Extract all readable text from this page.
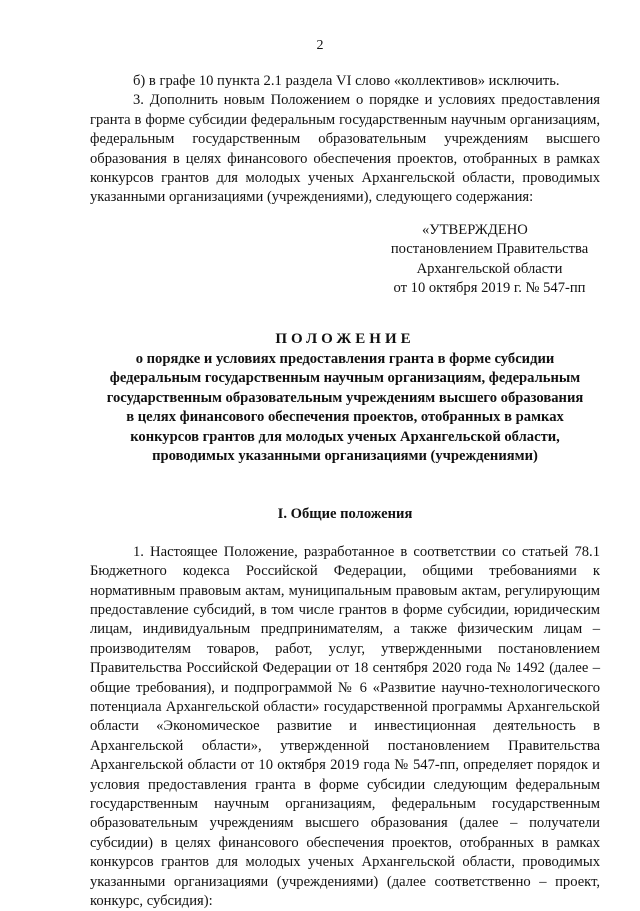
2

б) в графе 10 пункта 2.1 раздела VI слово «коллективов» исключить.

3. Дополнить новым Положением о порядке и условиях предоставления гранта в форме субсидии федеральным государственным научным организациям, федеральным государственным образовательным учреждениям высшего образования в целях финансового обеспечения проектов, отобранных в рамках конкурсов грантов для молодых ученых Архангельской области, проводимых указанными организациями (учреждениями), следующего содержания:

«УТВЕРЖДЕНО
постановлением Правительства
Архангельской области
от 10 октября 2019 г. № 547-пп
ПОЛОЖЕНИЕ
о порядке и условиях предоставления гранта в форме субсидии федеральным государственным научным организациям, федеральным государственным образовательным учреждениям высшего образования в целях финансового обеспечения проектов, отобранных в рамках конкурсов грантов для молодых ученых Архангельской области, проводимых указанными организациями (учреждениями)
I. Общие положения

1. Настоящее Положение, разработанное в соответствии со статьей 78.1 Бюджетного кодекса Российской Федерации, общими требованиями к нормативным правовым актам, муниципальным правовым актам, регулирующим предоставление субсидий, в том числе грантов в форме субсидии, юридическим лицам, индивидуальным предпринимателям, а также физическим лицам – производителям товаров, работ, услуг, утвержденными постановлением Правительства Российской Федерации от 18 сентября 2020 года № 1492 (далее – общие требования), и подпрограммой № 6 «Развитие научно-технологического потенциала Архангельской области» государственной программы Архангельской области «Экономическое развитие и инвестиционная деятельность в Архангельской области», утвержденной постановлением Правительства Архангельской области от 10 октября 2019 года № 547-пп, определяет порядок и условия предоставления гранта в форме субсидии следующим федеральным государственным научным организациям, федеральным государственным образовательным учреждениям высшего образования (далее – получатели субсидии) в целях финансового обеспечения проектов, отобранных в рамках конкурсов грантов для молодых ученых Архангельской области, проводимых указанными организациями (учреждениями) (далее соответственно – проект, конкурс, субсидия):
